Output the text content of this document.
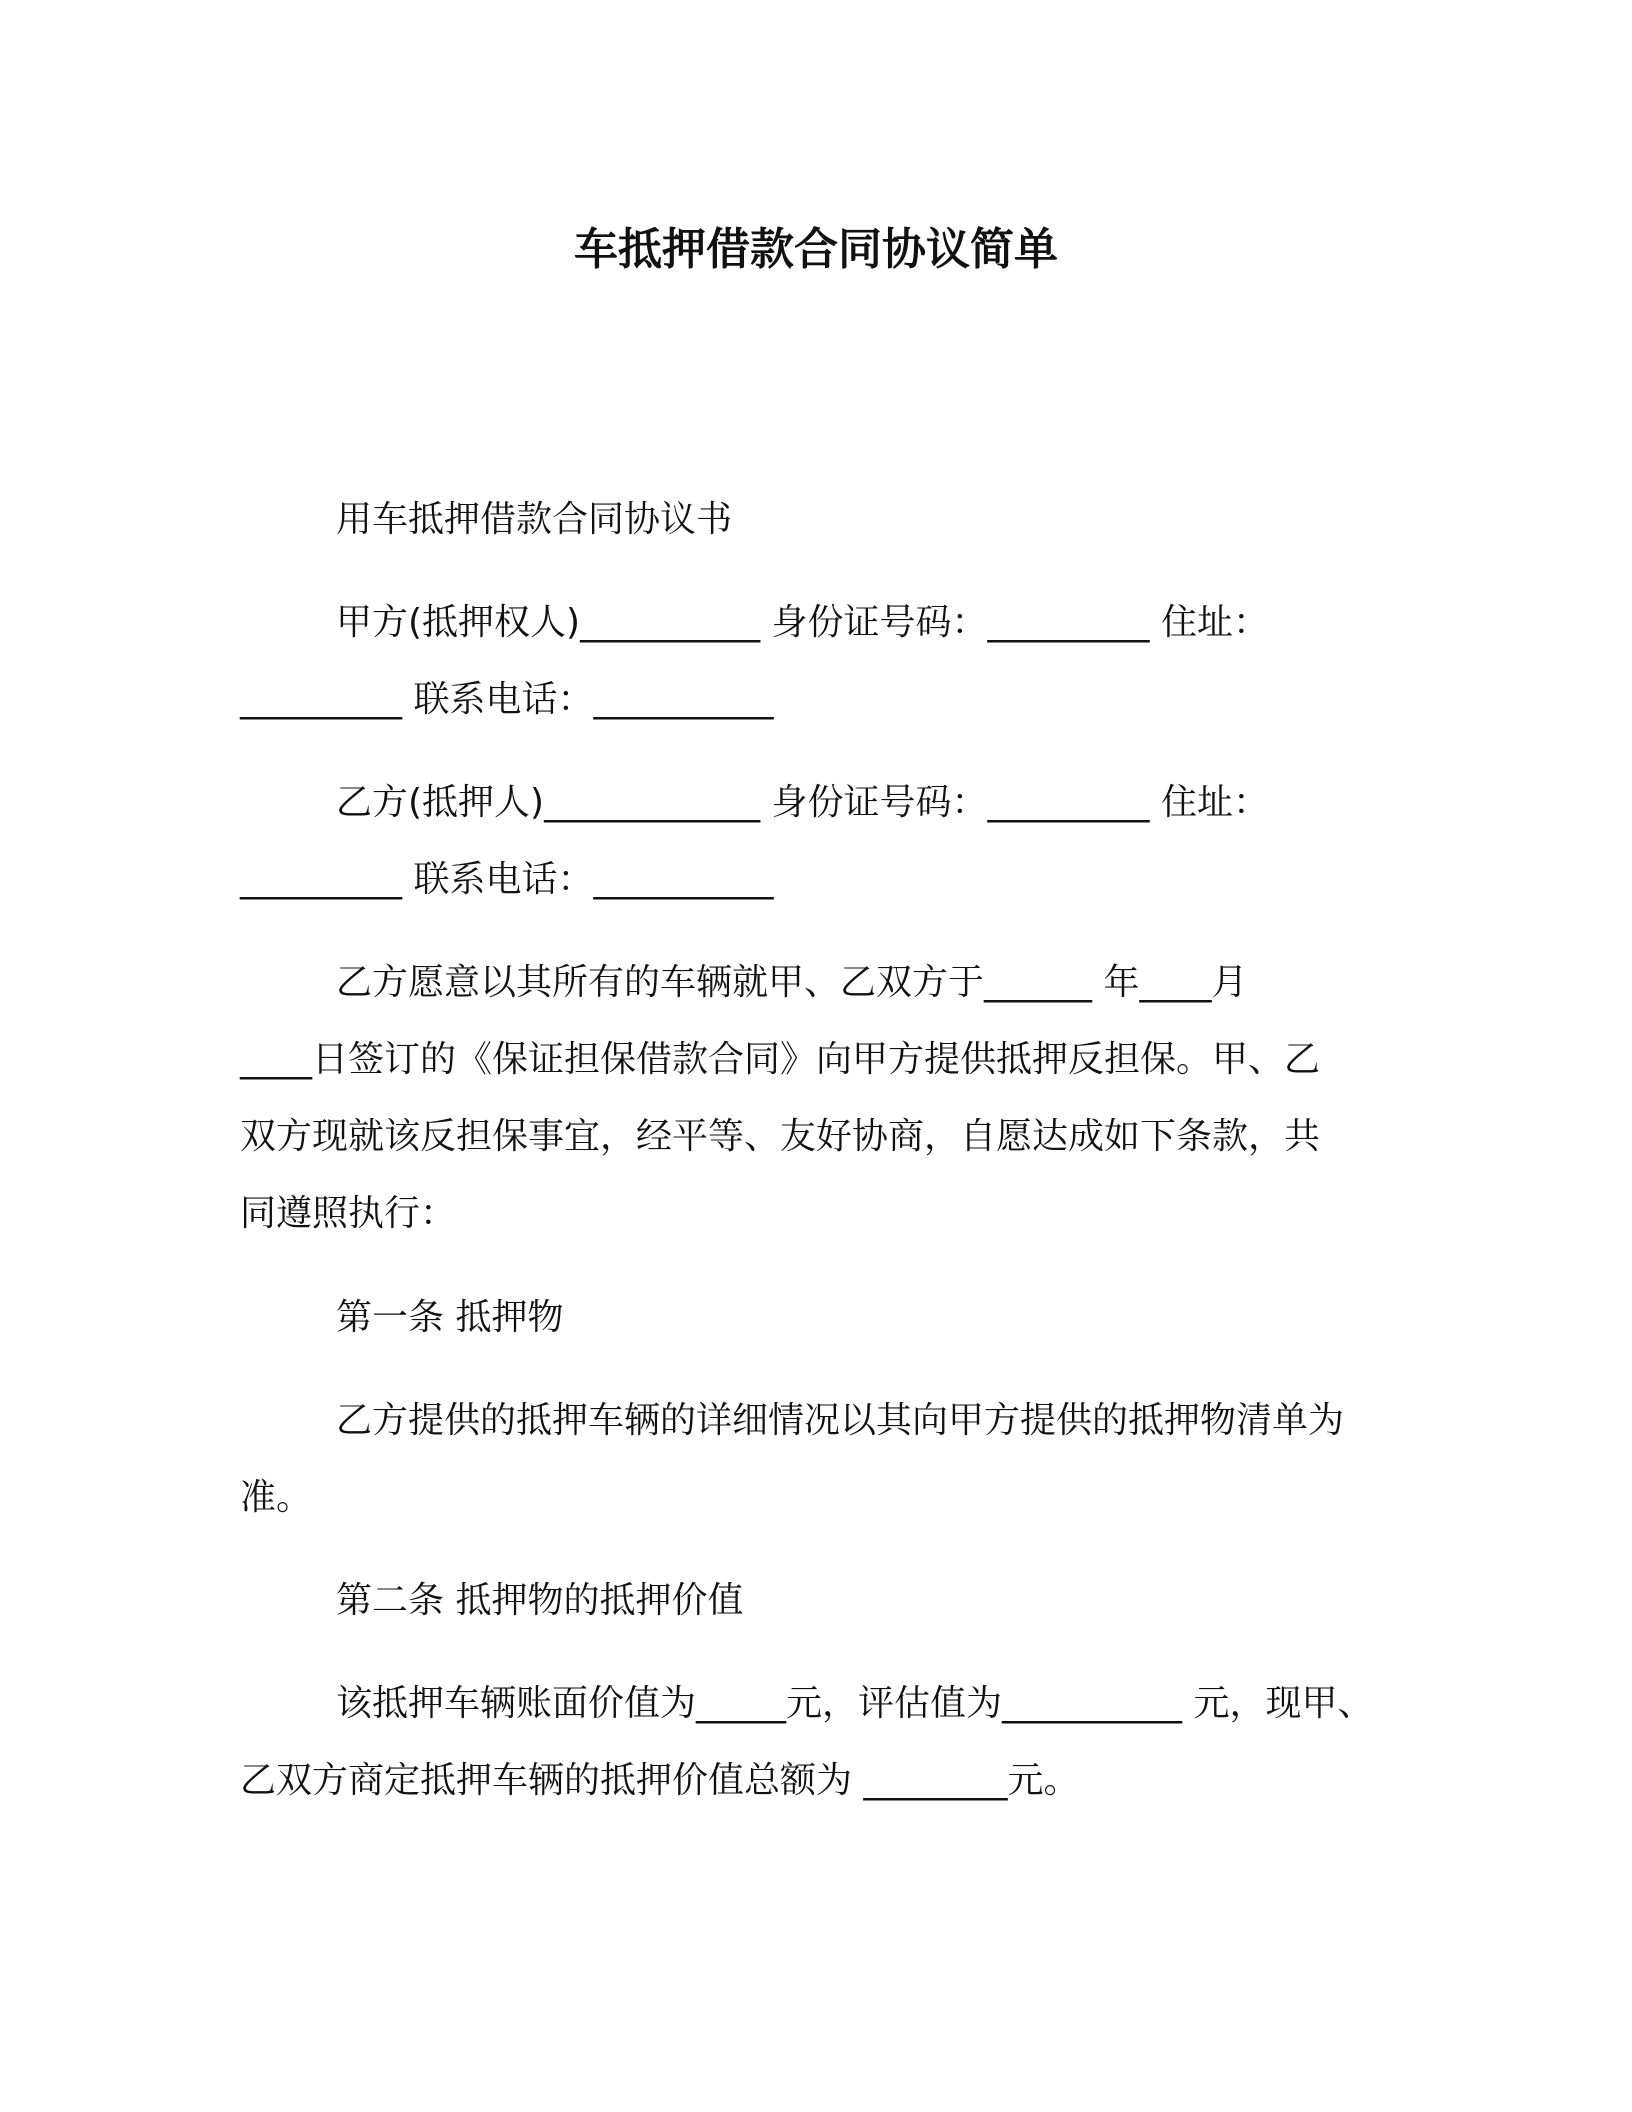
车抵押借款合同协议简单
用车抵押借款合同协议书
甲方(抵押权人)__________ 身份证号码：_________ 住址：
_________ 联系电话：__________
乙方(抵押人)____________ 身份证号码：_________ 住址：
_________ 联系电话：__________
乙方愿意以其所有的车辆就甲、乙双方于______ 年____月
____日签订的《保证担保借款合同》向甲方提供抵押反担保。甲、乙
双方现就该反担保事宜，经平等、友好协商，自愿达成如下条款，共
同遵照执行：
第一条 抵押物
乙方提供的抵押车辆的详细情况以其向甲方提供的抵押物清单为
准。
第二条 抵押物的抵押价值
该抵押车辆账面价值为_____元，评估值为__________ 元，现甲、
乙双方商定抵押车辆的抵押价值总额为 ________元。
